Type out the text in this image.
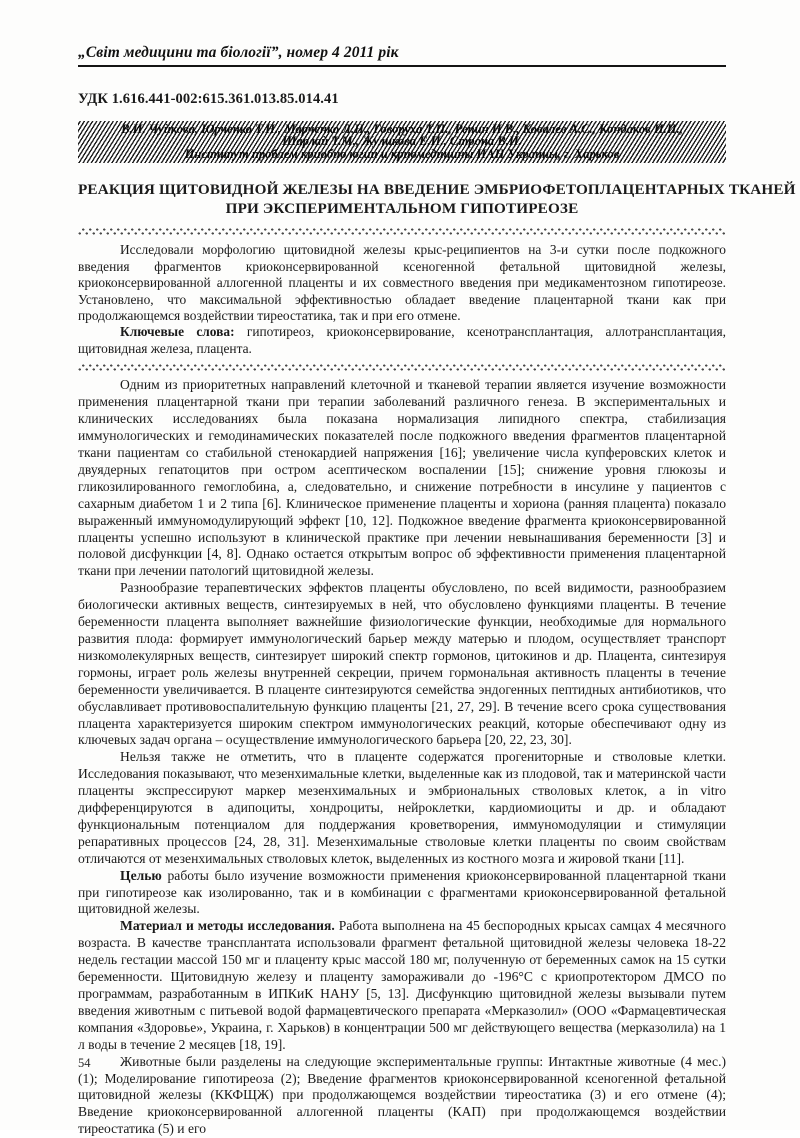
„Світ медицини та біології”, номер 4 2011 рік
УДК 1.616.441-002:615.361.013.85.014.41
В.И. Чуйкова, Юрченко Т.Н., Марченко Л.Н., Говоруха Т.П., Репин Н.В., Ковалев А.С., Кондаков И.И.,
Шарлай Т.М., Жуликова Е.П., Строна В.И.
Институт проблем криобиологии и криомедицины НАН Украины, г. Харьков
РЕАКЦИЯ ЩИТОВИДНОЙ ЖЕЛЕЗЫ НА ВВЕДЕНИЕ ЭМБРИОФЕТОПЛАЦЕНТАРНЫХ ТКАНЕЙ
ПРИ ЭКСПЕРИМЕНТАЛЬНОМ ГИПОТИРЕОЗЕ

Исследовали морфологию щитовидной железы крыс-реципиентов на 3-и сутки после подкожного введения фрагментов криоконсервированной ксеногенной фетальной щитовидной железы, криоконсервированной аллогенной плаценты и их совместного введения при медикаментозном гипотиреозе. Установлено, что максимальной эффективностью обладает введение плацентарной ткани как при продолжающемся воздействии тиреостатика, так и при его отмене.

Ключевые слова: гипотиреоз, криоконсервирование, ксенотрансплантация, аллотрансплантация, щитовидная железа, плацента.

Одним из приоритетных направлений клеточной и тканевой терапии является изучение возможности применения плацентарной ткани при терапии заболеваний различного генеза. В экспериментальных и клинических исследованиях была показана нормализация липидного спектра, стабилизация иммунологических и гемодинамических показателей после подкожного введения фрагментов плацентарной ткани пациентам со стабильной стенокардией напряжения [16]; увеличение числа купферовских клеток и двуядерных гепатоцитов при остром асептическом воспалении [15]; снижение уровня глюкозы и гликозилированного гемоглобина, а, следовательно, и снижение потребности в инсулине у пациентов с сахарным диабетом 1 и 2 типа [6]. Клиническое применение плаценты и хориона (ранняя плацента) показало выраженный иммуномодулирующий эффект [10, 12]. Подкожное введение фрагмента криоконсервированной плаценты успешно используют в клинической практике при лечении невынашивания беременности [3] и половой дисфункции [4, 8]. Однако остается открытым вопрос об эффективности применения плацентарной ткани при лечении патологий щитовидной железы.

Разнообразие терапевтических эффектов плаценты обусловлено, по всей видимости, разнообразием биологически активных веществ, синтезируемых в ней, что обусловлено функциями плаценты. В течение беременности плацента выполняет важнейшие физиологические функции, необходимые для нормального развития плода: формирует иммунологический барьер между матерью и плодом, осуществляет транспорт низкомолекулярных веществ, синтезирует широкий спектр гормонов, цитокинов и др. Плацента, синтезируя гормоны, играет роль железы внутренней секреции, причем гормональная активность плаценты в течение беременности увеличивается. В плаценте синтезируются семейства эндогенных пептидных антибиотиков, что обуславливает противовоспалительную функцию плаценты [21, 27, 29]. В течение всего срока существования плацента характеризуется широким спектром иммунологических реакций, которые обеспечивают одну из ключевых задач органа – осуществление иммунологического барьера [20, 22, 23, 30].

Нельзя также не отметить, что в плаценте содержатся прогениторные и стволовые клетки. Исследования показывают, что мезенхимальные клетки, выделенные как из плодовой, так и материнской части плаценты экспрессируют маркер мезенхимальных и эмбриональных стволовых клеток, а in vitro дифференцируются в адипоциты, хондроциты, нейроклетки, кардиомиоциты и др. и обладают функциональным потенциалом для поддержания кроветворения, иммуномодуляции и стимуляции репаративных процессов [24, 28, 31]. Мезенхимальные стволовые клетки плаценты по своим свойствам отличаются от мезенхимальных стволовых клеток, выделенных из костного мозга и жировой ткани [11].

Целью работы было изучение возможности применения криоконсервированной плацентарной ткани при гипотиреозе как изолированно, так и в комбинации с фрагментами криоконсервированной фетальной щитовидной железы.

Материал и методы исследования. Работа выполнена на 45 беспородных крысах самцах 4 месячного возраста. В качестве трансплантата использовали фрагмент фетальной щитовидной железы человека 18-22 недель гестации массой 150 мг и плаценту крыс массой 180 мг, полученную от беременных самок на 15 сутки беременности. Щитовидную железу и плаценту замораживали до -196°С с криопротектором ДМСО по программам, разработанным в ИПКиК НАНУ [5, 13]. Дисфункцию щитовидной железы вызывали путем введения животным с питьевой водой фармацевтического препарата «Мерказолил» (ООО «Фармацевтическая компания «Здоровье», Украина, г. Харьков) в концентрации 500 мг действующего вещества (мерказолила) на 1 л воды в течение 2 месяцев [18, 19].

Животные были разделены на следующие экспериментальные группы: Интактные животные (4 мес.) (1); Моделирование гипотиреоза (2); Введение фрагментов криоконсервированной ксеногенной фетальной щитовидной железы (ККФЩЖ) при продолжающемся воздействии тиреостатика (3) и его отмене (4); Введение криоконсервированной аллогенной плаценты (КАП) при продолжающемся воздействии тиреостатика (5) и его

54
